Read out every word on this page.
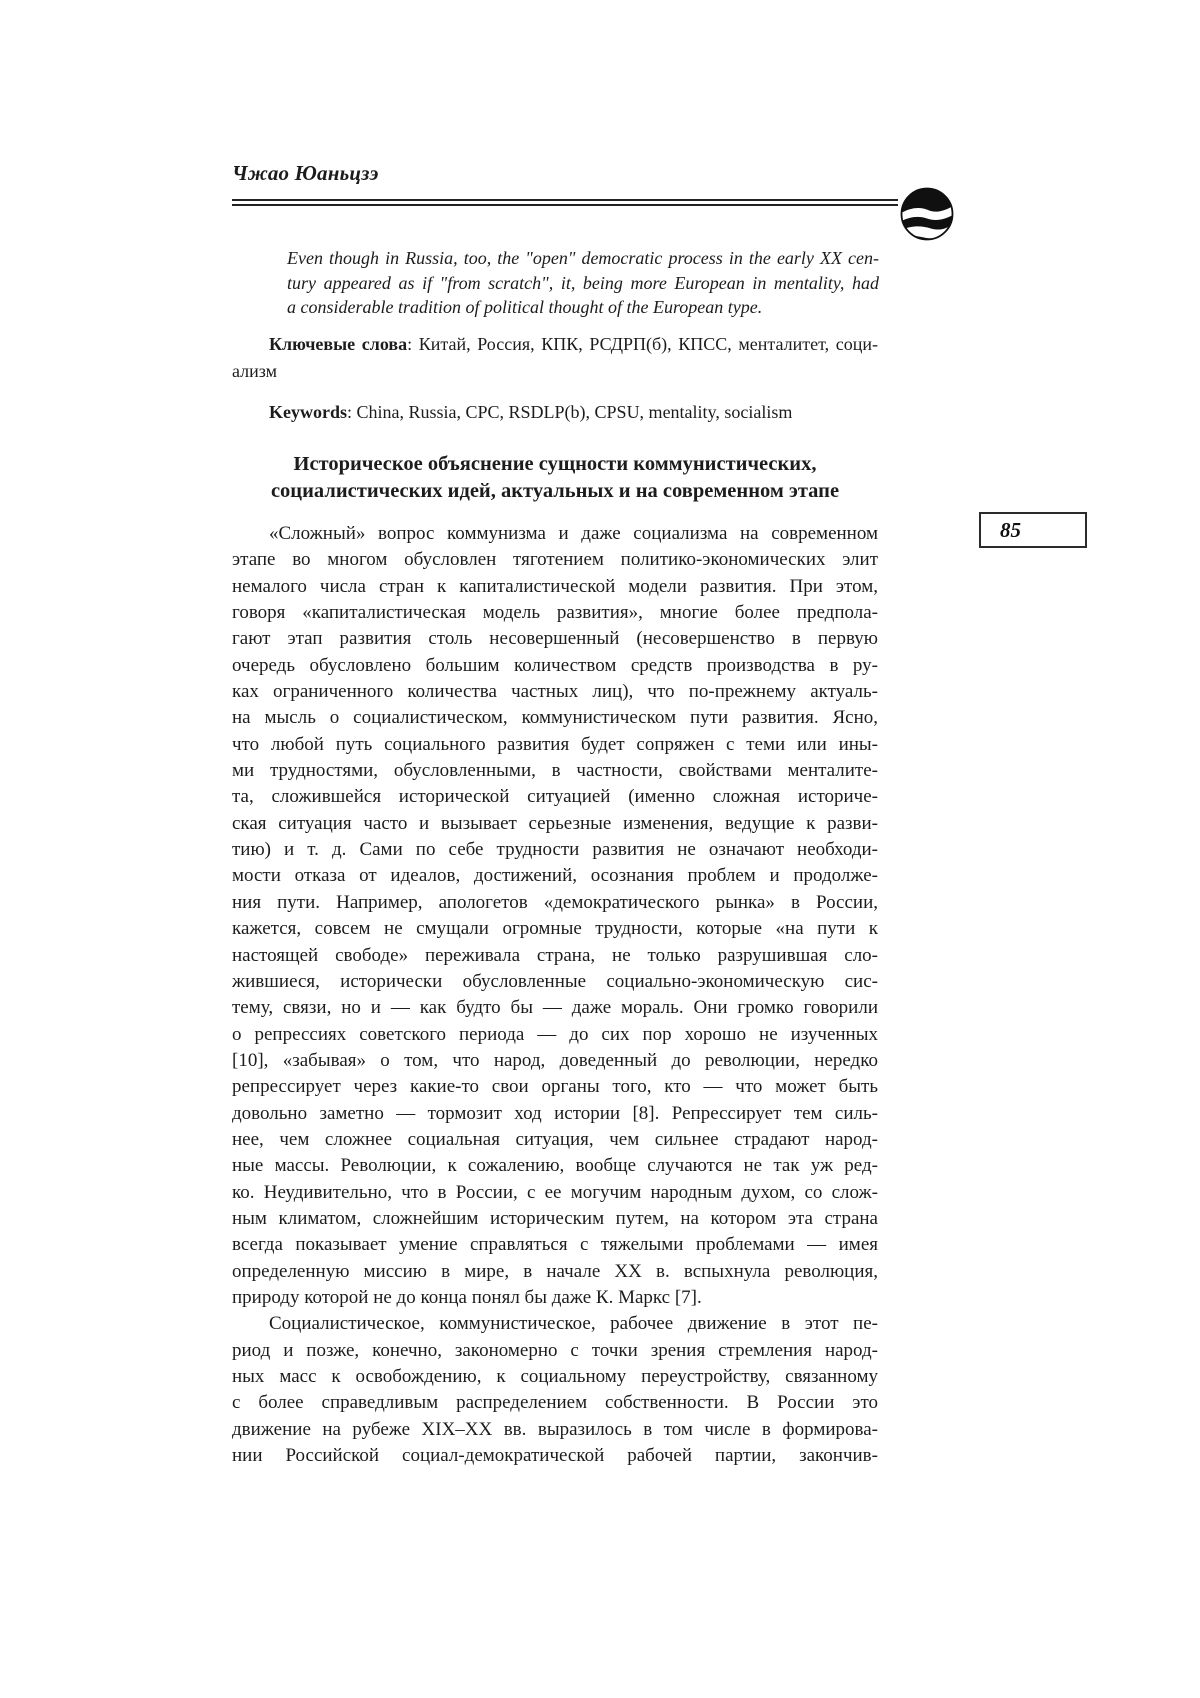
Чжао Юаньцзэ
Even though in Russia, too, the "open" democratic process in the early XX cen-
tury appeared as if "from scratch", it, being more European in mentality, had
a considerable tradition of political thought of the European type.

Ключевые слова: Китай, Россия, КПК, РСДРП(б), КПСС, менталитет, соци-
ализм

Keywords: China, Russia, CPC, RSDLP(b), CPSU, mentality, socialism

Историческое объяснение сущности коммунистических,
социалистических идей, актуальных и на современном этапе
85
«Сложный» вопрос коммунизма и даже социализма на современном
этапе во многом обусловлен тяготением политико-экономических элит
немалого числа стран к капиталистической модели развития. При этом,
говоря «капиталистическая модель развития», многие более предпола-
гают этап развития столь несовершенный (несовершенство в первую
очередь обусловлено большим количеством средств производства в ру-
ках ограниченного количества частных лиц), что по-прежнему актуаль-
на мысль о социалистическом, коммунистическом пути развития. Ясно,
что любой путь социального развития будет сопряжен с теми или ины-
ми трудностями, обусловленными, в частности, свойствами менталите-
та, сложившейся исторической ситуацией (именно сложная историче-
ская ситуация часто и вызывает серьезные изменения, ведущие к разви-
тию) и т. д. Сами по себе трудности развития не означают необходи-
мости отказа от идеалов, достижений, осознания проблем и продолже-
ния пути. Например, апологетов «демократического рынка» в России,
кажется, совсем не смущали огромные трудности, которые «на пути к
настоящей свободе» переживала страна, не только разрушившая сло-
жившиеся, исторически обусловленные социально-экономическую сис-
тему, связи, но и — как будто бы — даже мораль. Они громко говорили
о репрессиях советского периода — до сих пор хорошо не изученных
[10], «забывая» о том, что народ, доведенный до революции, нередко
репрессирует через какие-то свои органы того, кто — что может быть
довольно заметно — тормозит ход истории [8]. Репрессирует тем силь-
нее, чем сложнее социальная ситуация, чем сильнее страдают народ-
ные массы. Революции, к сожалению, вообще случаются не так уж ред-
ко. Неудивительно, что в России, с ее могучим народным духом, со слож-
ным климатом, сложнейшим историческим путем, на котором эта страна
всегда показывает умение справляться с тяжелыми проблемами — имея
определенную миссию в мире, в начале XX в. вспыхнула революция,
природу которой не до конца понял бы даже К. Маркс [7].
Социалистическое, коммунистическое, рабочее движение в этот пе-
риод и позже, конечно, закономерно с точки зрения стремления народ-
ных масс к освобождению, к социальному переустройству, связанному
с более справедливым распределением собственности. В России это
движение на рубеже XIX–XX вв. выразилось в том числе в формирова-
нии Российской социал-демократической рабочей партии, закончив-
